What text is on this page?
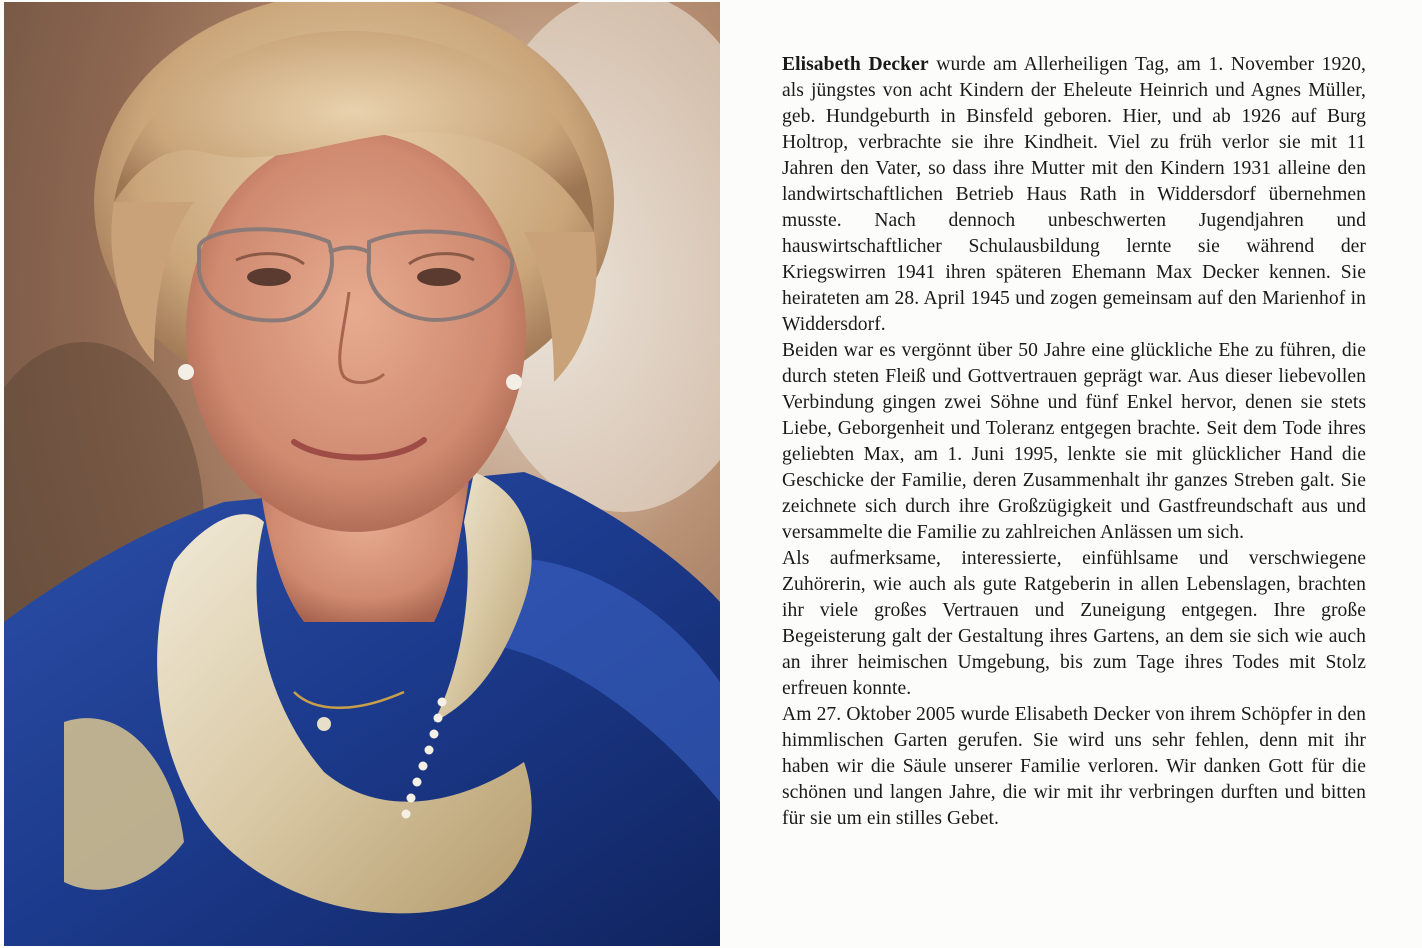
Elisabeth Decker wurde am Allerheiligen Tag, am 1. November 1920, als jüngstes von acht Kindern der Eheleute Heinrich und Agnes Müller, geb. Hundgeburth in Binsfeld geboren. Hier, und ab 1926 auf Burg Holtrop, verbrachte sie ihre Kindheit. Viel zu früh verlor sie mit 11 Jahren den Vater, so dass ihre Mutter mit den Kindern 1931 alleine den landwirtschaftlichen Betrieb Haus Rath in Widdersdorf übernehmen musste. Nach dennoch unbeschwerten Jugendjahren und hauswirtschaftlicher Schulausbildung lernte sie während der Kriegswirren 1941 ihren späteren Ehemann Max Decker kennen. Sie heirateten am 28. April 1945 und zogen gemeinsam auf den Marienhof in Widdersdorf.

Beiden war es vergönnt über 50 Jahre eine glückliche Ehe zu führen, die durch steten Fleiß und Gottvertrauen geprägt war. Aus dieser liebevollen Verbindung gingen zwei Söhne und fünf Enkel hervor, denen sie stets Liebe, Geborgenheit und Toleranz entgegen brachte. Seit dem Tode ihres geliebten Max, am 1. Juni 1995, lenkte sie mit glücklicher Hand die Geschicke der Familie, deren Zusammenhalt ihr ganzes Streben galt. Sie zeichnete sich durch ihre Großzügigkeit und Gastfreundschaft aus und versammelte die Familie zu zahlreichen Anlässen um sich.

Als aufmerksame, interessierte, einfühlsame und verschwiegene Zuhörerin, wie auch als gute Ratgeberin in allen Lebenslagen, brachten ihr viele großes Vertrauen und Zuneigung entgegen. Ihre große Begeisterung galt der Gestaltung ihres Gartens, an dem sie sich wie auch an ihrer heimischen Umgebung, bis zum Tage ihres Todes mit Stolz erfreuen konnte.

Am 27. Oktober 2005 wurde Elisabeth Decker von ihrem Schöpfer in den himmlischen Garten gerufen. Sie wird uns sehr fehlen, denn mit ihr haben wir die Säule unserer Familie verloren. Wir danken Gott für die schönen und langen Jahre, die wir mit ihr verbringen durften und bitten für sie um ein stilles Gebet.
